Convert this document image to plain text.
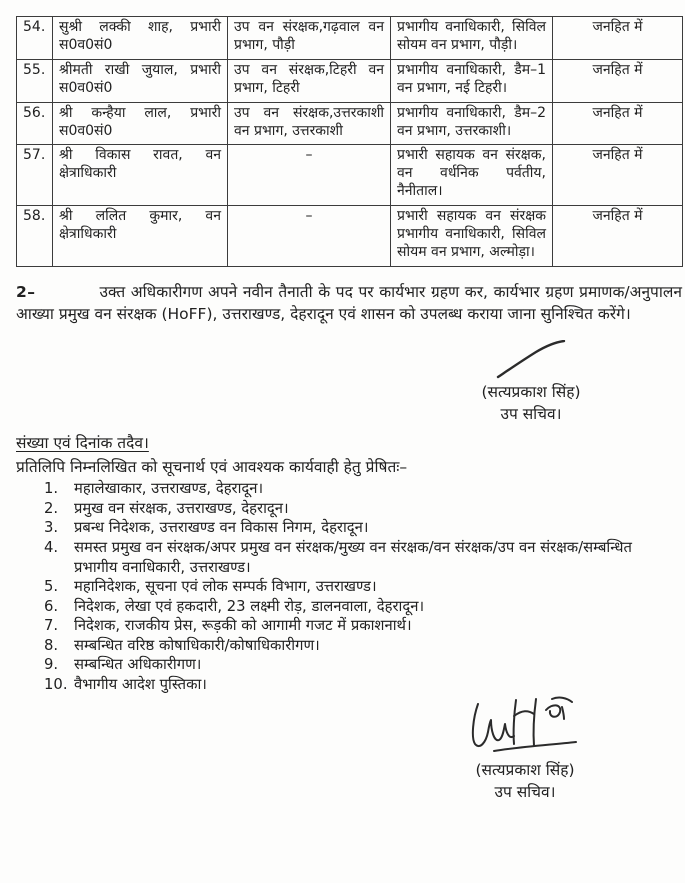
54.	सुश्री लक्की शाह, प्रभारी स0व0सं0	उप वन संरक्षक,गढ़वाल वन प्रभाग, पौड़ी	प्रभागीय वनाधिकारी, सिविल सोयम वन प्रभाग, पौड़ी।	जनहित में
55.	श्रीमती राखी जुयाल, प्रभारी स0व0सं0	उप वन संरक्षक,टिहरी वन प्रभाग, टिहरी	प्रभागीय वनाधिकारी, डैम–1 वन प्रभाग, नई टिहरी।	जनहित में
56.	श्री कन्हैया लाल, प्रभारी स0व0सं0	उप वन संरक्षक,उत्तरकाशी वन प्रभाग, उत्तरकाशी	प्रभागीय वनाधिकारी, डैम–2 वन प्रभाग, उत्तरकाशी।	जनहित में
57.	श्री विकास रावत, वन क्षेत्राधिकारी	–	प्रभारी सहायक वन संरक्षक, वन वर्धनिक पर्वतीय, नैनीताल।	जनहित में
58.	श्री ललित कुमार, वन क्षेत्राधिकारी	–	प्रभारी सहायक वन संरक्षक प्रभागीय वनाधिकारी, सिविल सोयम वन प्रभाग, अल्मोड़ा।	जनहित में

2–	उक्त अधिकारीगण अपने नवीन तैनाती के पद पर कार्यभार ग्रहण कर, कार्यभार ग्रहण प्रमाणक/अनुपालन आख्या प्रमुख वन संरक्षक (HoFF), उत्तराखण्ड, देहरादून एवं शासन को उपलब्ध कराया जाना सुनिश्चित करेंगे।

(सत्यप्रकाश सिंह)
उप सचिव।
संख्या एवं दिनांक तदैव।
प्रतिलिपि निम्नलिखित को सूचनार्थ एवं आवश्यक कार्यवाही हेतु प्रेषितः–
1.	महालेखाकार, उत्तराखण्ड, देहरादून।
2.	प्रमुख वन संरक्षक, उत्तराखण्ड, देहरादून।
3.	प्रबन्ध निदेशक, उत्तराखण्ड वन विकास निगम, देहरादून।
4.	समस्त प्रमुख वन संरक्षक/अपर प्रमुख वन संरक्षक/मुख्य वन संरक्षक/वन संरक्षक/उप वन संरक्षक/सम्बन्धित प्रभागीय वनाधिकारी, उत्तराखण्ड।
5.	महानिदेशक, सूचना एवं लोक सम्पर्क विभाग, उत्तराखण्ड।
6.	निदेशक, लेखा एवं हकदारी, 23 लक्ष्मी रोड़, डालनवाला, देहरादून।
7.	निदेशक, राजकीय प्रेस, रूड़की को आगामी गजट में प्रकाशनार्थ।
8.	सम्बन्धित वरिष्ठ कोषाधिकारी/कोषाधिकारीगण।
9.	सम्बन्धित अधिकारीगण।
10. वैभागीय आदेश पुस्तिका।
(सत्यप्रकाश सिंह)
उप सचिव।
